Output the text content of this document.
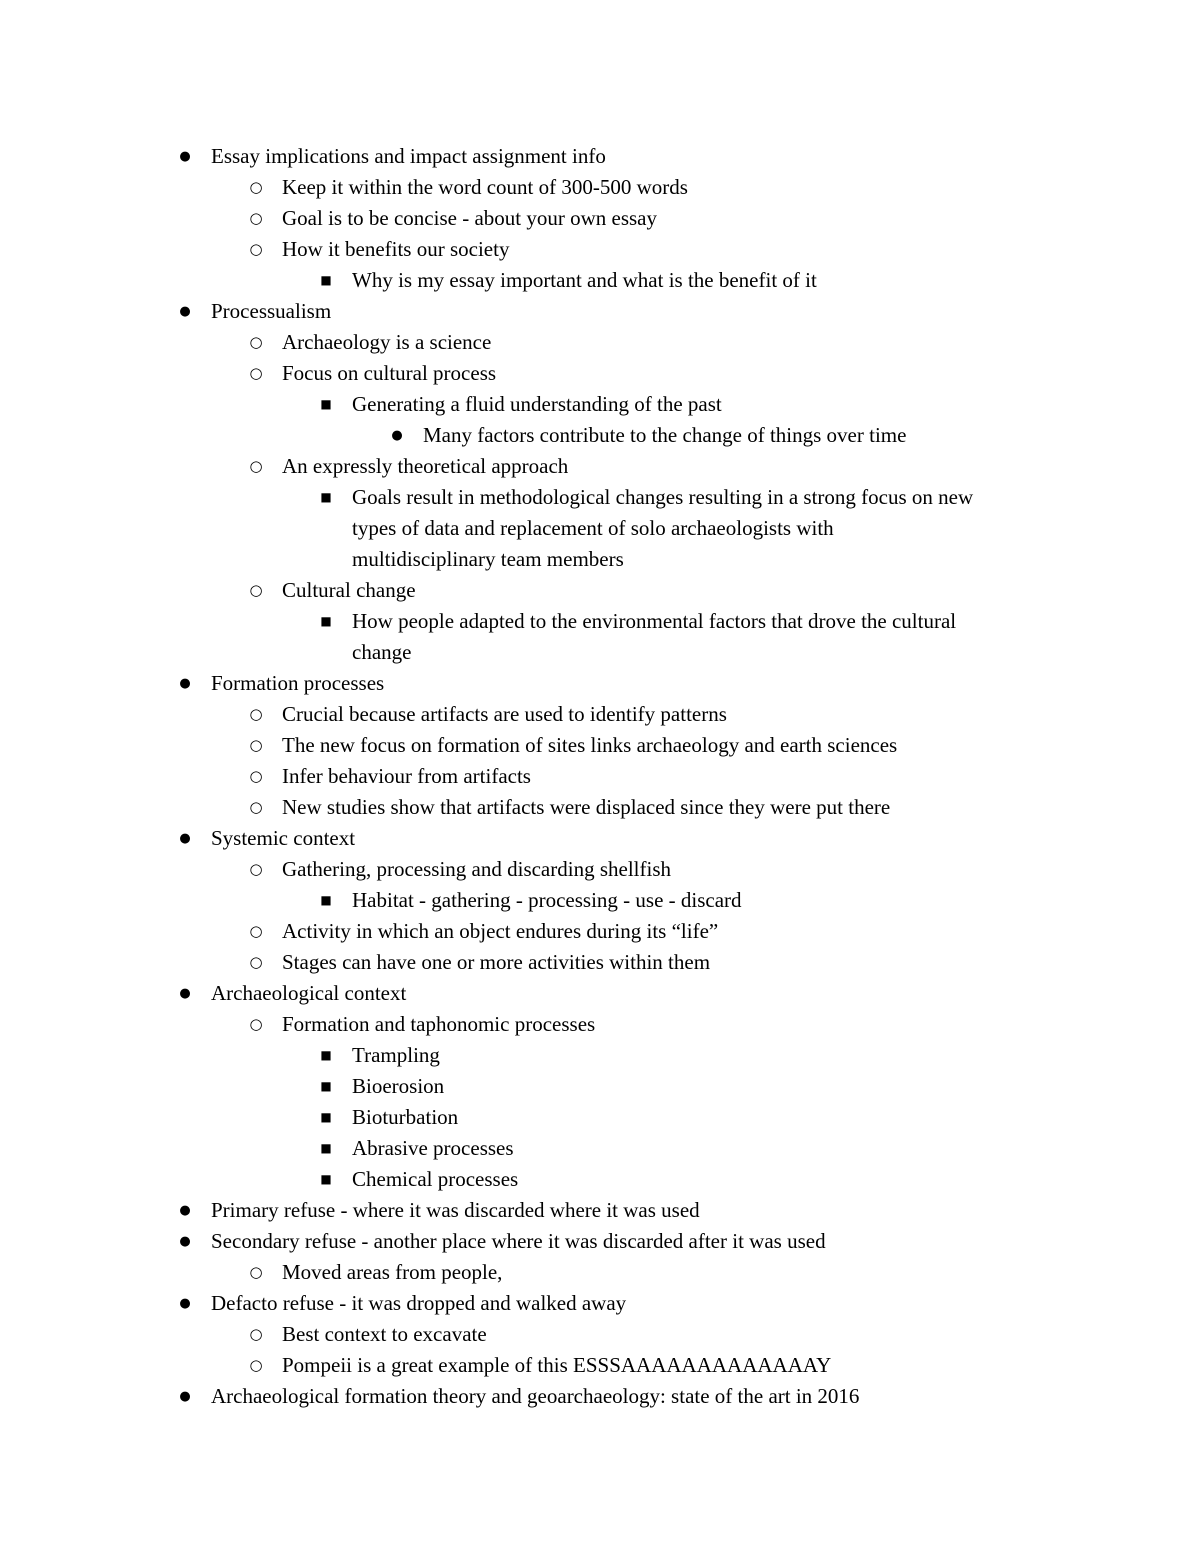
● Essay implications and impact assignment info
○ Keep it within the word count of 300-500 words
○ Goal is to be concise - about your own essay
○ How it benefits our society
■ Why is my essay important and what is the benefit of it
● Processualism
○ Archaeology is a science
○ Focus on cultural process
■ Generating a fluid understanding of the past
● Many factors contribute to the change of things over time
○ An expressly theoretical approach
■ Goals result in methodological changes resulting in a strong focus on new
types of data and replacement of solo archaeologists with
multidisciplinary team members
○ Cultural change
■ How people adapted to the environmental factors that drove the cultural
change
● Formation processes
○ Crucial because artifacts are used to identify patterns
○ The new focus on formation of sites links archaeology and earth sciences
○ Infer behaviour from artifacts
○ New studies show that artifacts were displaced since they were put there
● Systemic context
○ Gathering, processing and discarding shellfish
■ Habitat - gathering - processing - use - discard
○ Activity in which an object endures during its “life”
○ Stages can have one or more activities within them
● Archaeological context
○ Formation and taphonomic processes
■ Trampling
■ Bioerosion
■ Bioturbation
■ Abrasive processes
■ Chemical processes
● Primary refuse - where it was discarded where it was used
● Secondary refuse - another place where it was discarded after it was used
○ Moved areas from people,
● Defacto refuse - it was dropped and walked away
○ Best context to excavate
○ Pompeii is a great example of this ESSSAAAAAAAAAAAAAY
● Archaeological formation theory and geoarchaeology: state of the art in 2016
